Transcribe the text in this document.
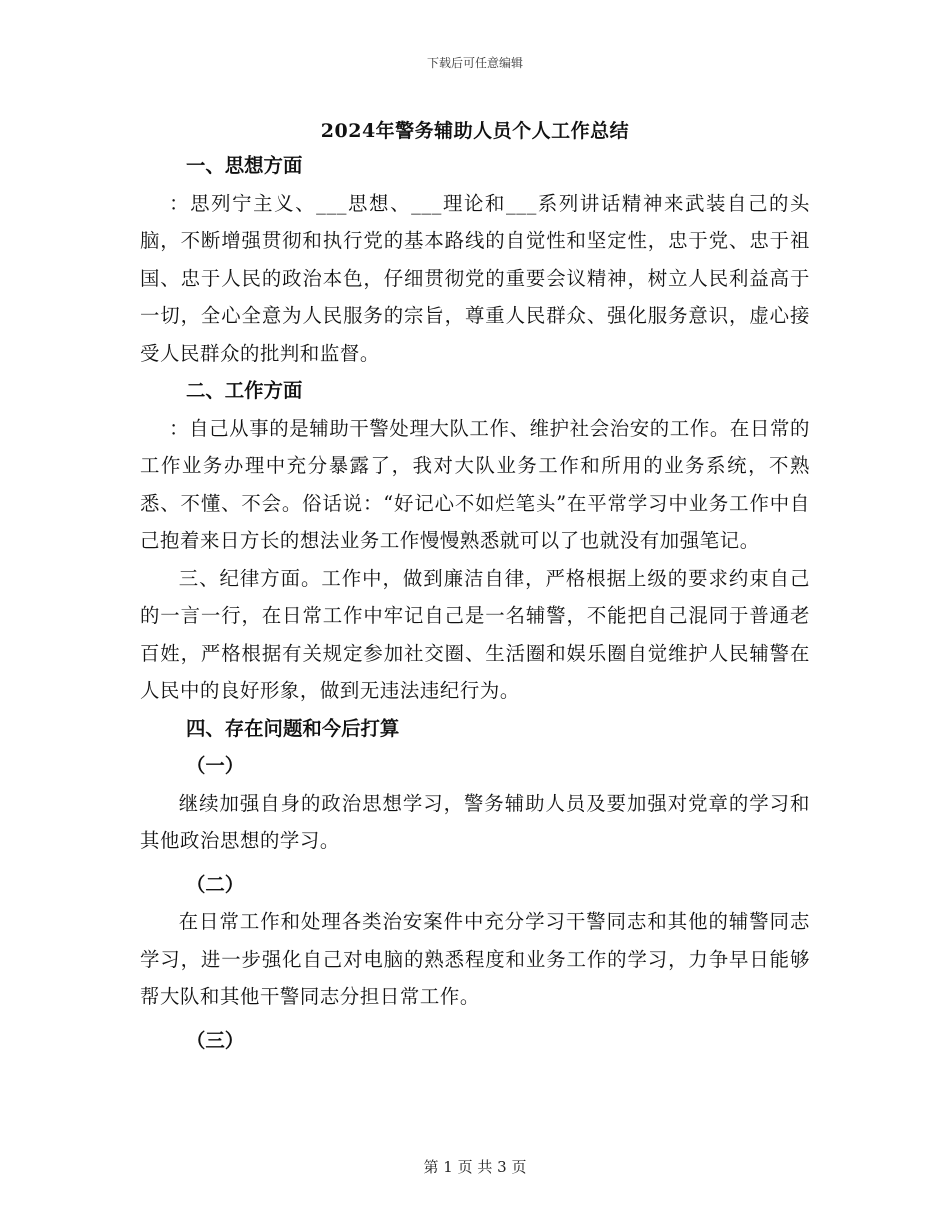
下载后可任意编辑
2024年警务辅助人员个人工作总结

一、思想方面

：思列宁主义、___思想、___理论和___系列讲话精神来武装自己的头脑，不断增强贯彻和执行党的基本路线的自觉性和坚定性，忠于党、忠于祖国、忠于人民的政治本色，仔细贯彻党的重要会议精神，树立人民利益高于一切，全心全意为人民服务的宗旨，尊重人民群众、强化服务意识，虚心接受人民群众的批判和监督。

二、工作方面

：自己从事的是辅助干警处理大队工作、维护社会治安的工作。在日常的工作业务办理中充分暴露了，我对大队业务工作和所用的业务系统，不熟悉、不懂、不会。俗话说：“好记心不如烂笔头”在平常学习中业务工作中自己抱着来日方长的想法业务工作慢慢熟悉就可以了也就没有加强笔记。

三、纪律方面。工作中，做到廉洁自律，严格根据上级的要求约束自己的一言一行，在日常工作中牢记自己是一名辅警，不能把自己混同于普通老百姓，严格根据有关规定参加社交圈、生活圈和娱乐圈自觉维护人民辅警在人民中的良好形象，做到无违法违纪行为。

四、存在问题和今后打算

（一）

继续加强自身的政治思想学习，警务辅助人员及要加强对党章的学习和其他政治思想的学习。

（二）

在日常工作和处理各类治安案件中充分学习干警同志和其他的辅警同志学习，进一步强化自己对电脑的熟悉程度和业务工作的学习，力争早日能够帮大队和其他干警同志分担日常工作。

（三）

第 1 页 共 3 页
